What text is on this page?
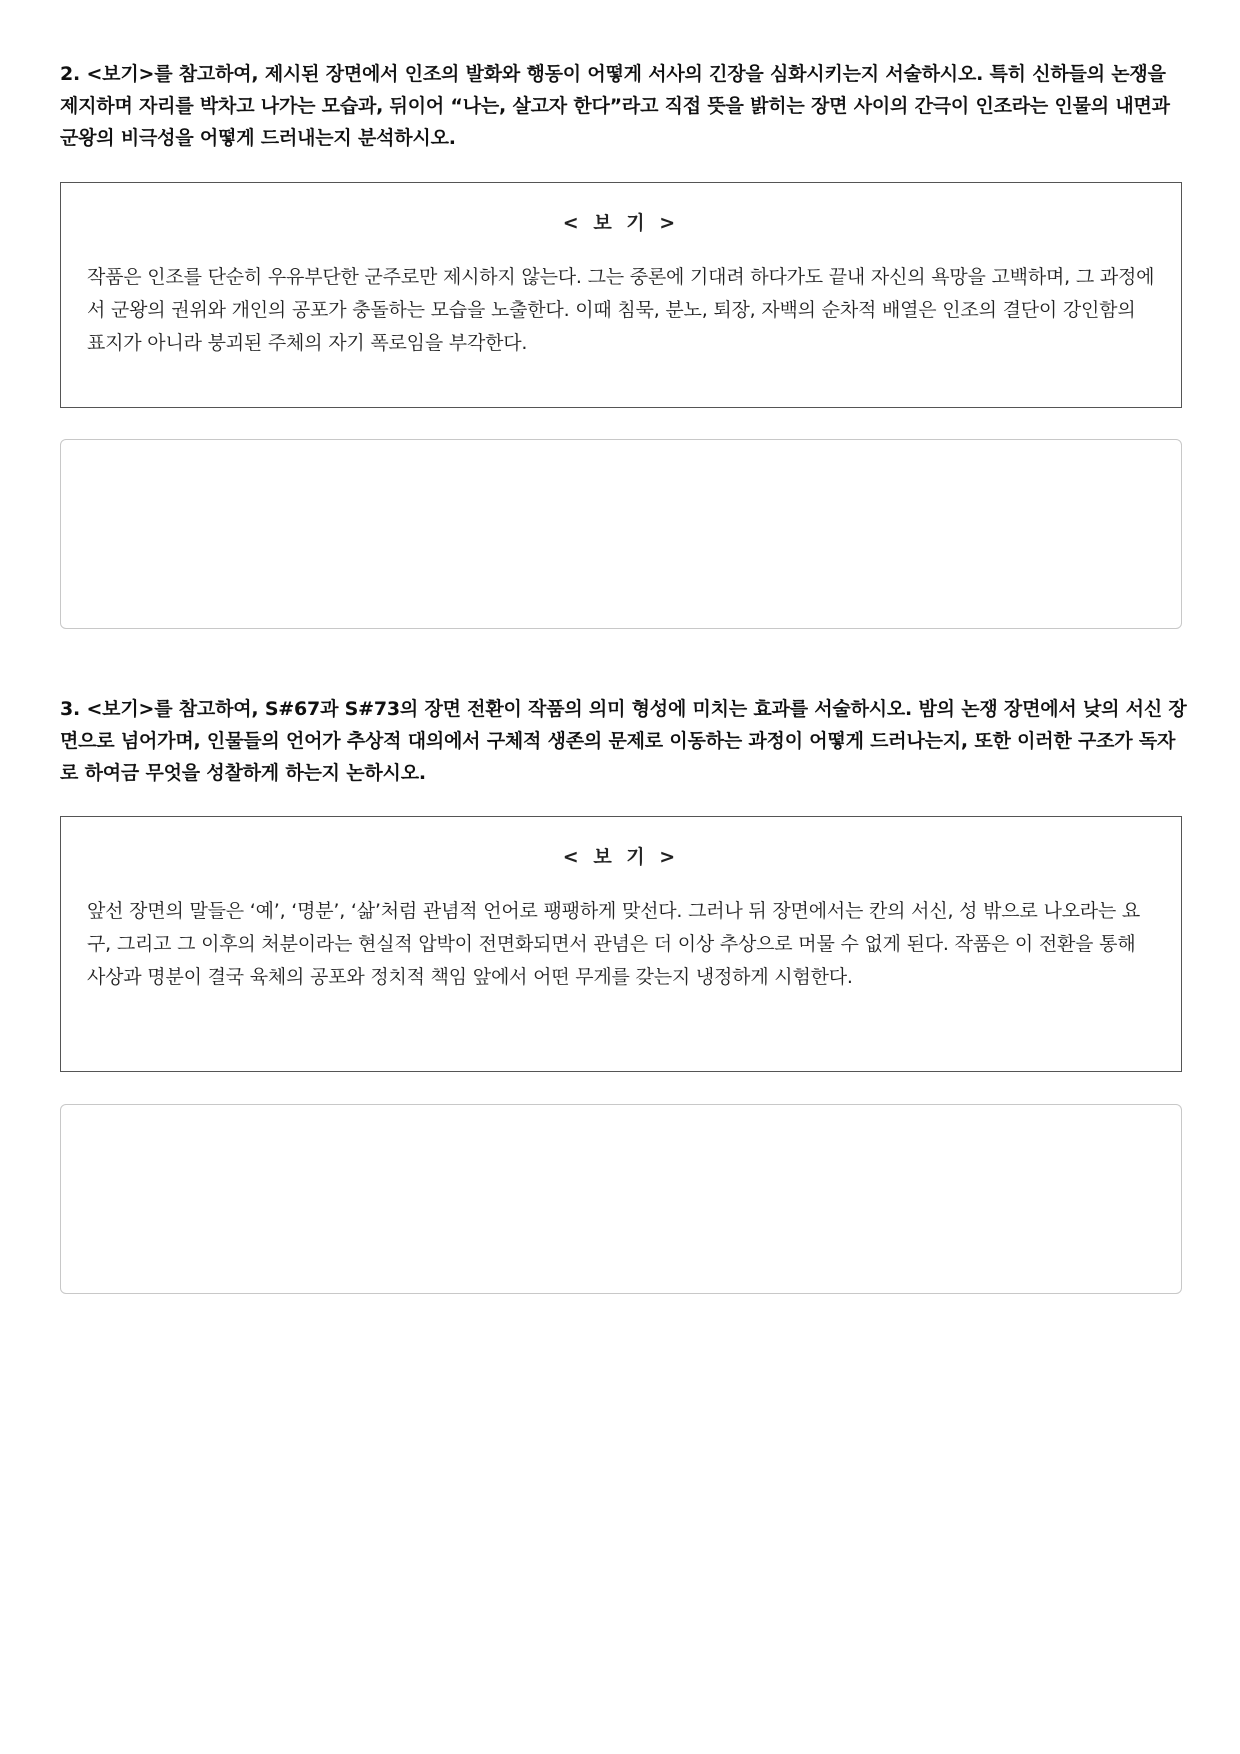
2. <보기>를 참고하여, 제시된 장면에서 인조의 발화와 행동이 어떻게 서사의 긴장을 심화시키는지 서술하시오. 특히 신하들의 논쟁을 제지하며 자리를 박차고 나가는 모습과, 뒤이어 “나는, 살고자 한다”라고 직접 뜻을 밝히는 장면 사이의 간극이 인조라는 인물의 내면과 군왕의 비극성을 어떻게 드러내는지 분석하시오.

< 보 기 >

작품은 인조를 단순히 우유부단한 군주로만 제시하지 않는다. 그는 중론에 기대려 하다가도 끝내 자신의 욕망을 고백하며, 그 과정에서 군왕의 권위와 개인의 공포가 충돌하는 모습을 노출한다. 이때 침묵, 분노, 퇴장, 자백의 순차적 배열은 인조의 결단이 강인함의 표지가 아니라 붕괴된 주체의 자기 폭로임을 부각한다.

3. <보기>를 참고하여, S#67과 S#73의 장면 전환이 작품의 의미 형성에 미치는 효과를 서술하시오. 밤의 논쟁 장면에서 낮의 서신 장면으로 넘어가며, 인물들의 언어가 추상적 대의에서 구체적 생존의 문제로 이동하는 과정이 어떻게 드러나는지, 또한 이러한 구조가 독자로 하여금 무엇을 성찰하게 하는지 논하시오.

< 보 기 >

앞선 장면의 말들은 ‘예’, ‘명분’, ‘삶’처럼 관념적 언어로 팽팽하게 맞선다. 그러나 뒤 장면에서는 칸의 서신, 성 밖으로 나오라는 요구, 그리고 그 이후의 처분이라는 현실적 압박이 전면화되면서 관념은 더 이상 추상으로 머물 수 없게 된다. 작품은 이 전환을 통해 사상과 명분이 결국 육체의 공포와 정치적 책임 앞에서 어떤 무게를 갖는지 냉정하게 시험한다.
